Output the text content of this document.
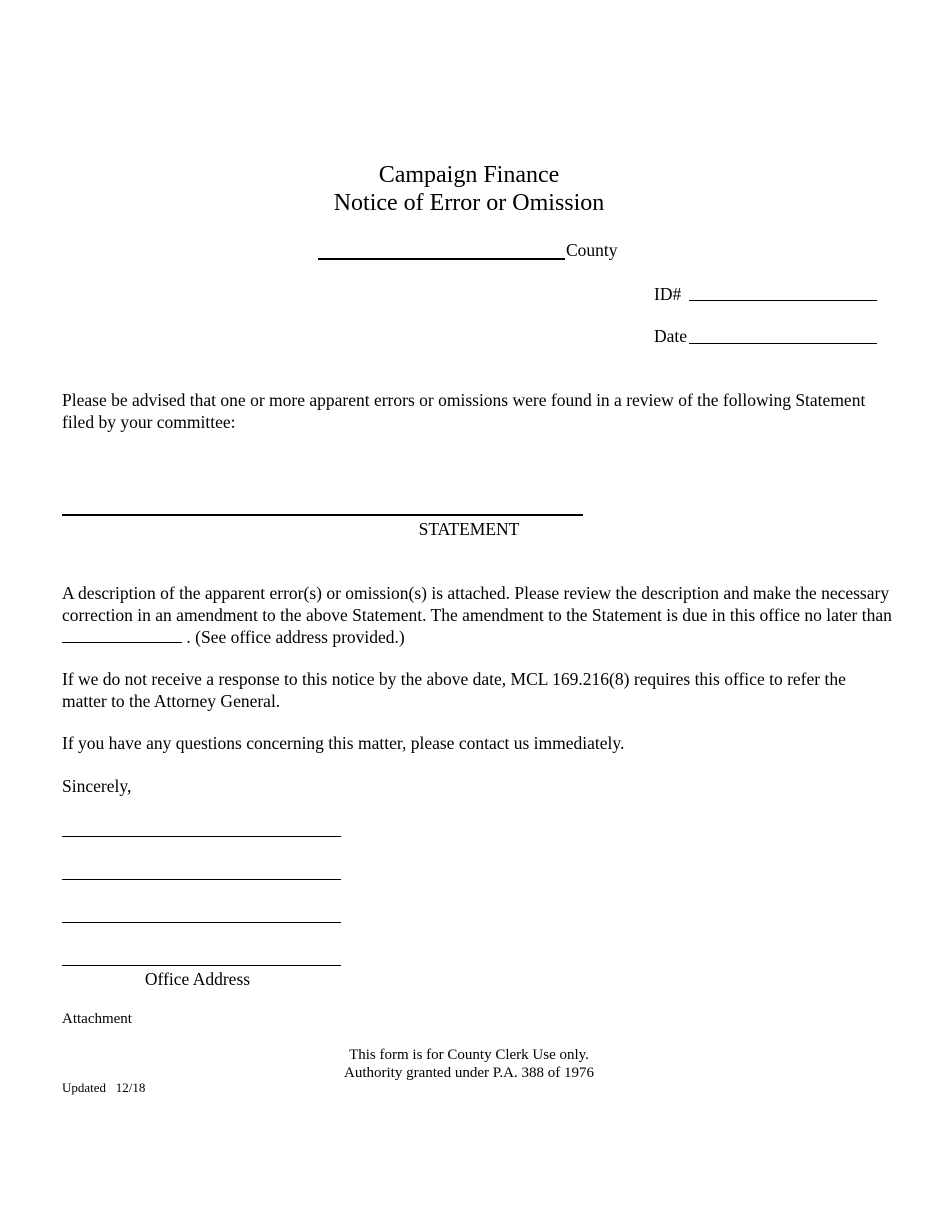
Campaign Finance
Notice of Error or Omission
County
ID#
Date

Please be advised that one or more apparent errors or omissions were found in a review of the following Statement filed by your committee:

STATEMENT

A description of the apparent error(s) or omission(s) is attached. Please review the description and make the necessary correction in an amendment to the above Statement. The amendment to the Statement is due in this office no later than  . (See office address provided.)

If we do not receive a response to this notice by the above date, MCL 169.216(8) requires this office to refer the matter to the Attorney General.

If you have any questions concerning this matter, please contact us immediately.

Sincerely,
Office Address
Attachment
This form is for County Clerk Use only.
Authority granted under P.A. 388 of 1976
Updated 12/18
